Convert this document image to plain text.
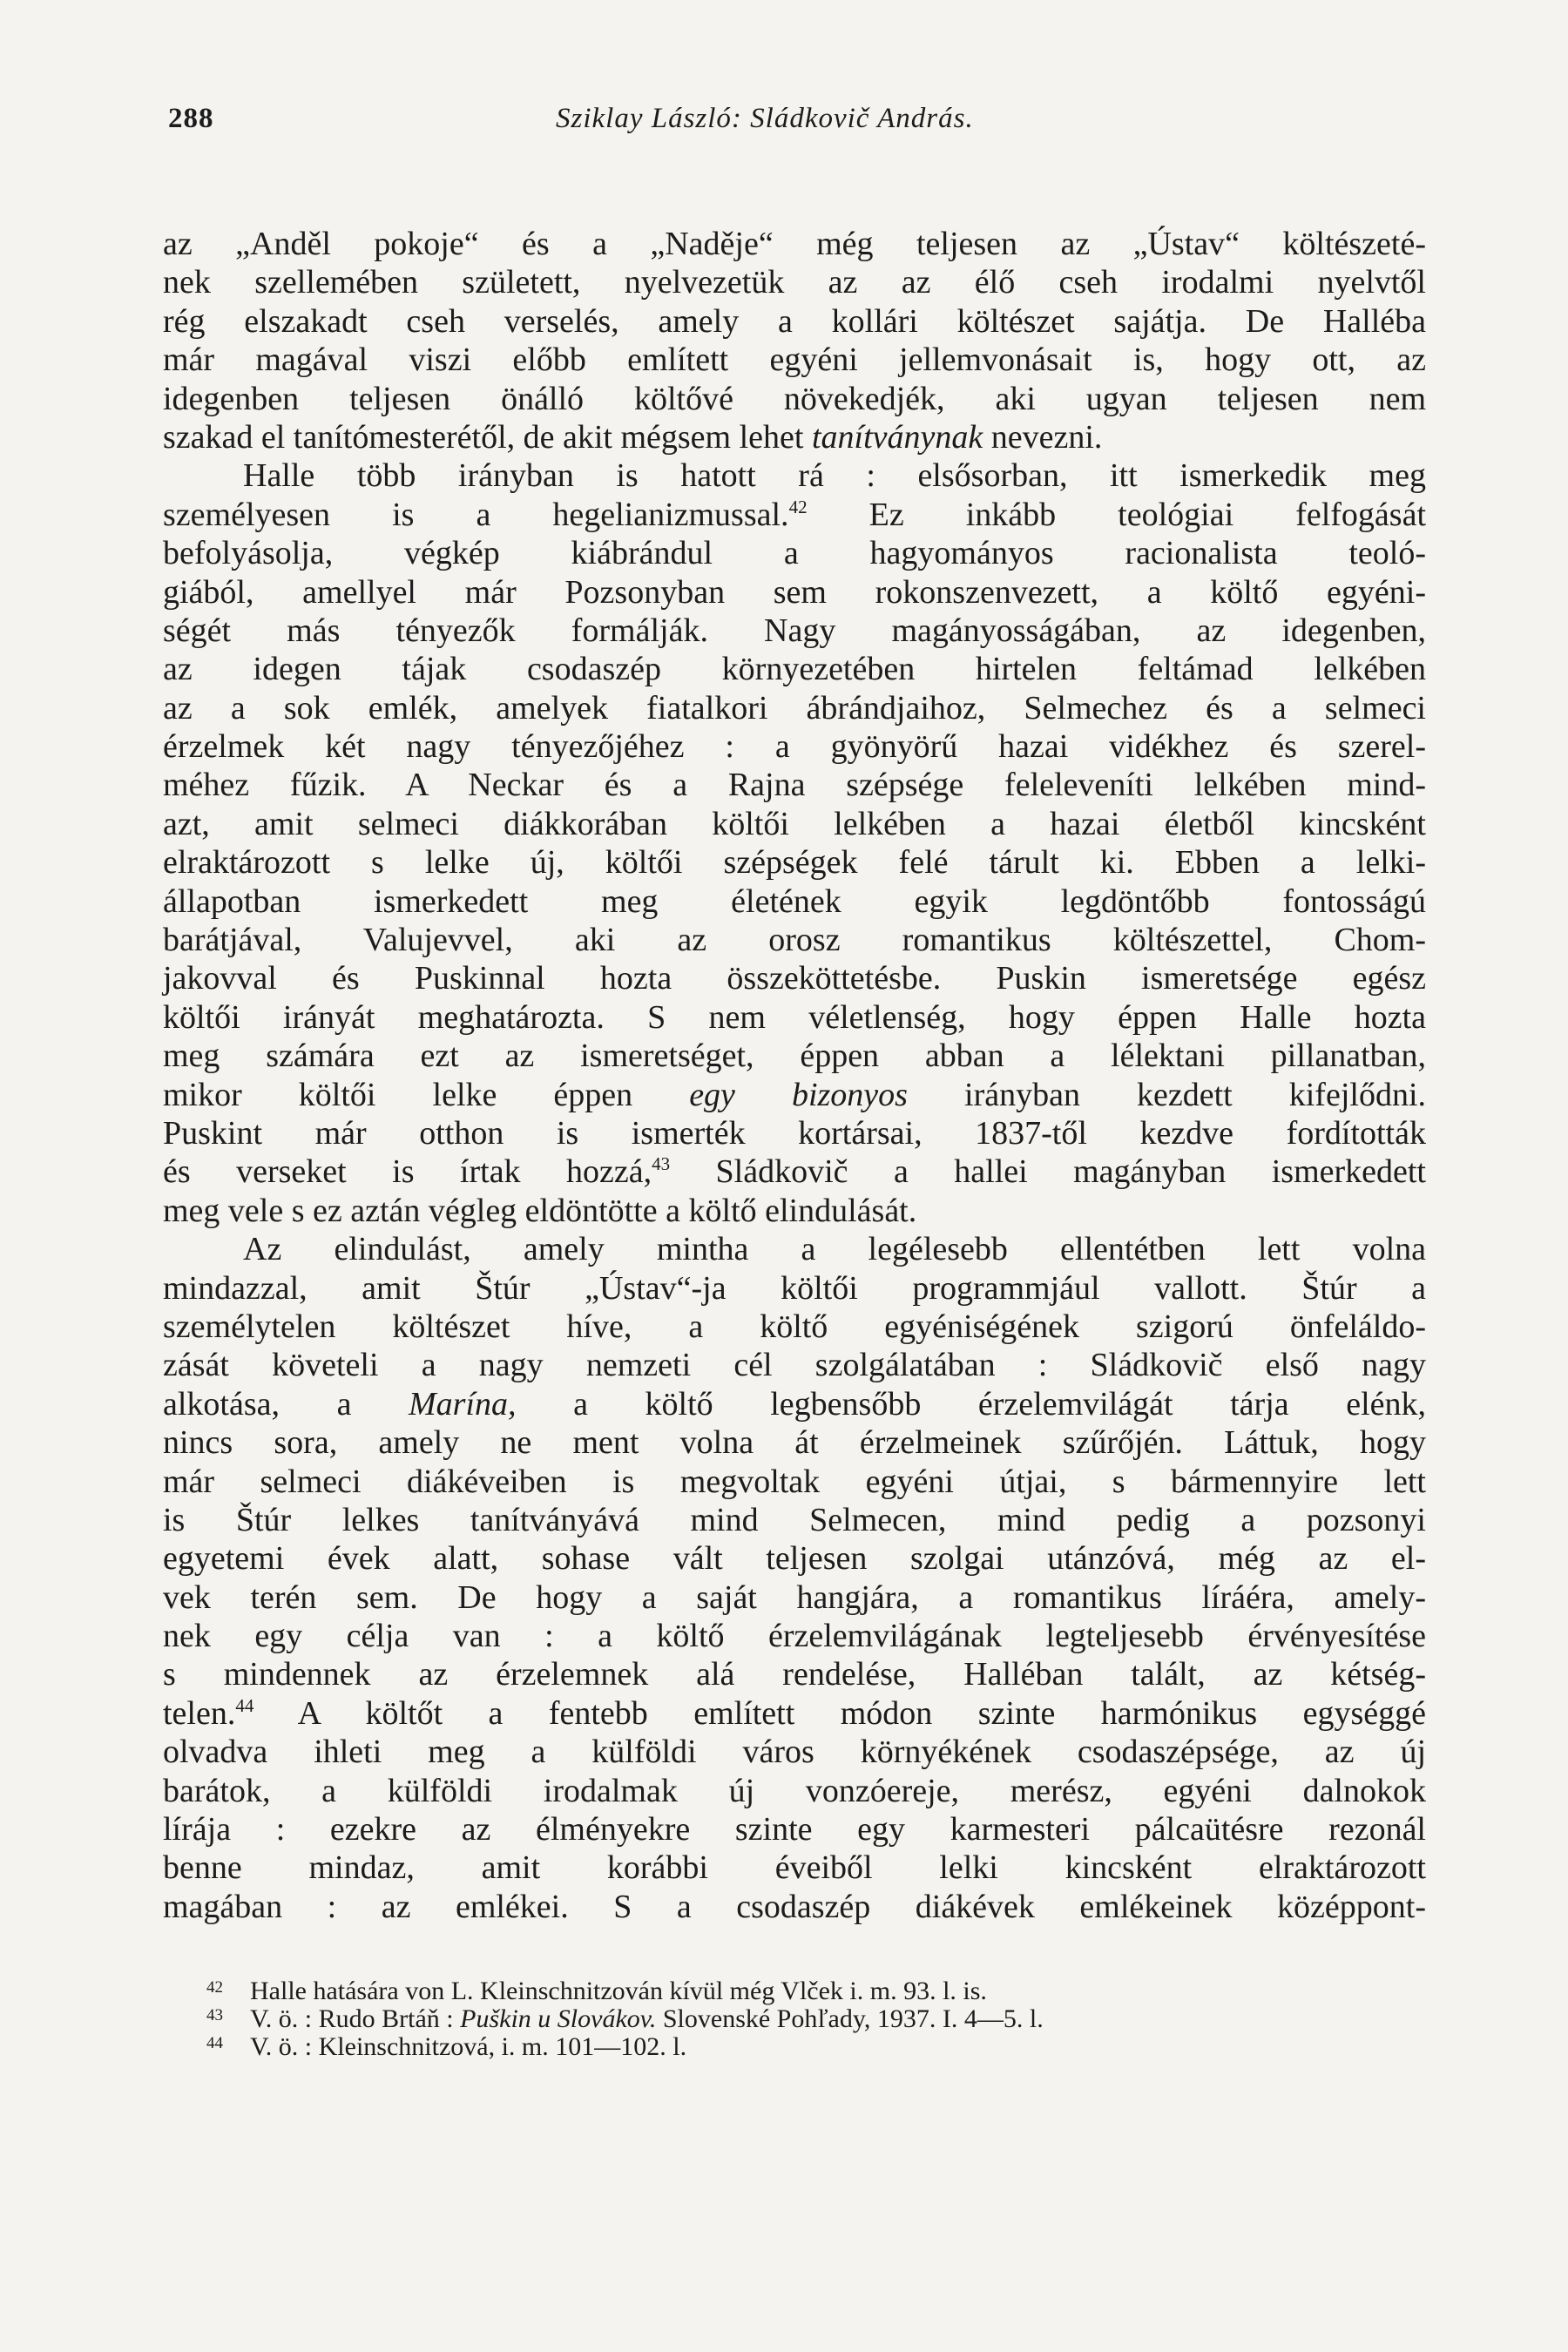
288	Sziklay László: Sládkovič András.
az „Anděl pokoje“ és a „Naděje“ még teljesen az „Ústav“ költészeté-
nek szellemében született, nyelvezetük az az élő cseh irodalmi nyelvtől
rég elszakadt cseh verselés, amely a kollári költészet sajátja. De Halléba
már magával viszi előbb említett egyéni jellemvonásait is, hogy ott, az
idegenben teljesen önálló költővé növekedjék, aki ugyan teljesen nem
szakad el tanítómesterétől, de akit mégsem lehet tanítványnak nevezni.
Halle több irányban is hatott rá : elsősorban, itt ismerkedik meg
személyesen is a hegelianizmussal.$^{42}$ Ez inkább teológiai felfogását
befolyásolja, végkép kiábrándul a hagyományos racionalista teoló-
giából, amellyel már Pozsonyban sem rokonszenvezett, a költő egyéni-
ségét más tényezők formálják. Nagy magányosságában, az idegenben,
az idegen tájak csodaszép környezetében hirtelen feltámad lelkében
az a sok emlék, amelyek fiatalkori ábrándjaihoz, Selmechez és a selmeci
érzelmek két nagy tényezőjéhez : a gyönyörű hazai vidékhez és szerel-
méhez fűzik. A Neckar és a Rajna szépsége feleleveníti lelkében mind-
azt, amit selmeci diákkorában költői lelkében a hazai életből kincsként
elraktározott s lelke új, költői szépségek felé tárult ki. Ebben a lelki-
állapotban ismerkedett meg életének egyik legdöntőbb fontosságú
barátjával, Valujevvel, aki az orosz romantikus költészettel, Chom-
jakovval és Puskinnal hozta összeköttetésbe. Puskin ismeretsége egész
költői irányát meghatározta. S nem véletlenség, hogy éppen Halle hozta
meg számára ezt az ismeretséget, éppen abban a lélektani pillanatban,
mikor költői lelke éppen egy bizonyos irányban kezdett kifejlődni.
Puskint már otthon is ismerték kortársai, 1837-től kezdve fordították
és verseket is írtak hozzá,$^{43}$ Sládkovič a hallei magányban ismerkedett
meg vele s ez aztán végleg eldöntötte a költő elindulását.
Az elindulást, amely mintha a legélesebb ellentétben lett volna
mindazzal, amit Štúr „Ústav“-ja költői programmjául vallott. Štúr a
személytelen költészet híve, a költő egyéniségének szigorú önfeláldo-
zását követeli a nagy nemzeti cél szolgálatában : Sládkovič első nagy
alkotása, a Marína, a költő legbensőbb érzelemvilágát tárja elénk,
nincs sora, amely ne ment volna át érzelmeinek szűrőjén. Láttuk, hogy
már selmeci diákéveiben is megvoltak egyéni útjai, s bármennyire lett
is Štúr lelkes tanítványává mind Selmecen, mind pedig a pozsonyi
egyetemi évek alatt, sohase vált teljesen szolgai utánzóvá, még az el-
vek terén sem. De hogy a saját hangjára, a romantikus líráéra, amely-
nek egy célja van : a költő érzelemvilágának legteljesebb érvényesítése
s mindennek az érzelemnek alá rendelése, Halléban talált, az kétség-
telen.$^{44}$ A költőt a fentebb említett módon szinte harmónikus egységgé
olvadva ihleti meg a külföldi város környékének csodaszépsége, az új
barátok, a külföldi irodalmak új vonzóereje, merész, egyéni dalnokok
lírája : ezekre az élményekre szinte egy karmesteri pálcaütésre rezonál
benne mindaz, amit korábbi éveiből lelki kincsként elraktározott
magában : az emlékei. S a csodaszép diákévek emlékeinek középpont-
42 Halle hatására von L. Kleinschnitzován kívül még Vlček i. m. 93. l. is.
43 V. ö. : Rudo Brtáň : Puškin u Slovákov. Slovenské Pohľady, 1937. I. 4—5. l.
44 V. ö. : Kleinschnitzová, i. m. 101—102. l.
